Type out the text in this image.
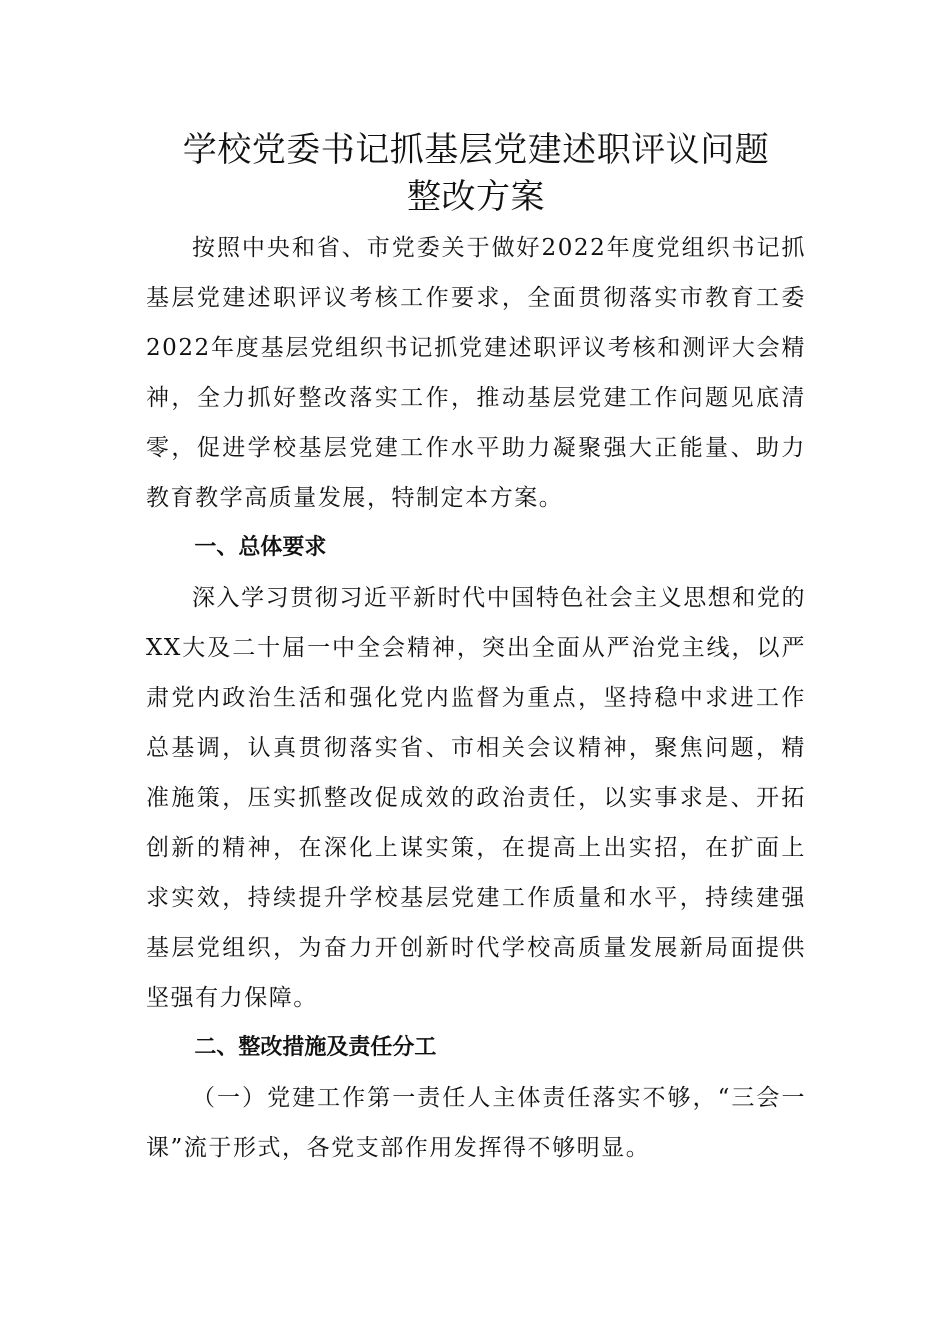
学校党委书记抓基层党建述职评议问题
整改方案

按照中央和省、市党委关于做好2022年度党组织书记抓基层党建述职评议考核工作要求，全面贯彻落实市教育工委2022年度基层党组织书记抓党建述职评议考核和测评大会精神，全力抓好整改落实工作，推动基层党建工作问题见底清零，促进学校基层党建工作水平助力凝聚强大正能量、助力教育教学高质量发展，特制定本方案。

一、总体要求

深入学习贯彻习近平新时代中国特色社会主义思想和党的XX大及二十届一中全会精神，突出全面从严治党主线，以严肃党内政治生活和强化党内监督为重点，坚持稳中求进工作总基调，认真贯彻落实省、市相关会议精神，聚焦问题，精准施策，压实抓整改促成效的政治责任，以实事求是、开拓创新的精神，在深化上谋实策，在提高上出实招，在扩面上求实效，持续提升学校基层党建工作质量和水平，持续建强基层党组织，为奋力开创新时代学校高质量发展新局面提供坚强有力保障。

二、整改措施及责任分工

（一）党建工作第一责任人主体责任落实不够，“三会一课”流于形式，各党支部作用发挥得不够明显。
